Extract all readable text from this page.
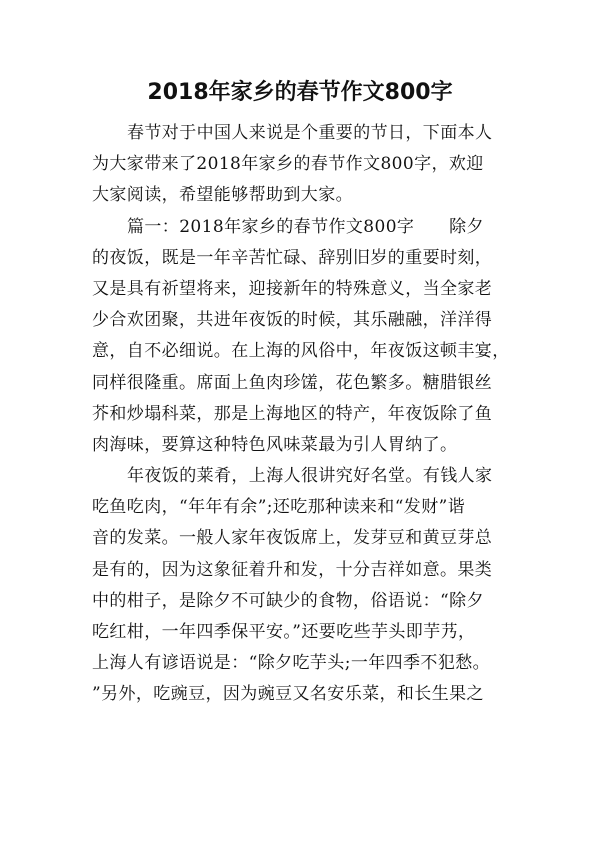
2018年家乡的春节作文800字
春节对于中国人来说是个重要的节日，下面本人
为大家带来了2018年家乡的春节作文800字，欢迎
大家阅读，希望能够帮助到大家。
篇一：2018年家乡的春节作文800字　　除夕
的夜饭，既是一年辛苦忙碌、辞别旧岁的重要时刻，
又是具有祈望将来，迎接新年的特殊意义，当全家老
少合欢团聚，共进年夜饭的时候，其乐融融，洋洋得
意，自不必细说。在上海的风俗中，年夜饭这顿丰宴，
同样很隆重。席面上鱼肉珍馐，花色繁多。糖腊银丝
芥和炒塌科菜，那是上海地区的特产，年夜饭除了鱼
肉海味，要算这种特色风味菜最为引人胃纳了。
年夜饭的莱肴，上海人很讲究好名堂。有钱人家
吃鱼吃肉，“年年有余”;还吃那种读来和“发财”谐
音的发菜。一般人家年夜饭席上，发芽豆和黄豆芽总
是有的，因为这象征着升和发，十分吉祥如意。果类
中的柑子，是除夕不可缺少的食物，俗语说：“除夕
吃红柑，一年四季保平安。”还要吃些芋头即芋艿，
上海人有谚语说是：“除夕吃芋头;一年四季不犯愁。
”另外，吃豌豆，因为豌豆又名安乐菜，和长生果之
